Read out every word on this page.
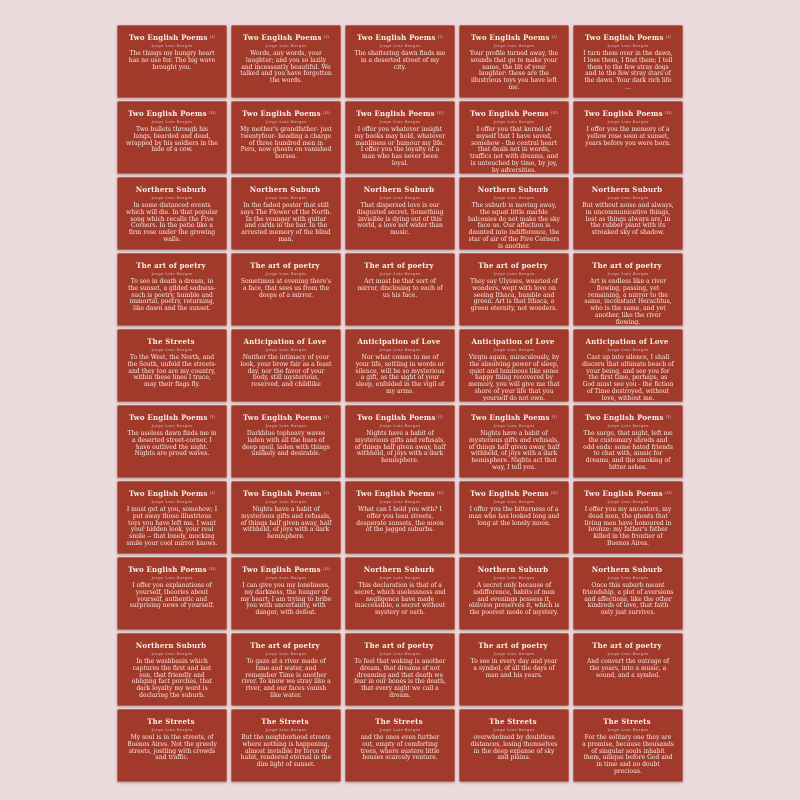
Two English Poems $^{(I)}$
Jorge Luis Borges
The things my hungry heart has no use for. The big wave brought you.
Two English Poems $^{(I)}$
Jorge Luis Borges
Words, any words, your laughter; and you so lazily and incessantly beautiful. We talked and you have forgotten the words.
Two English Poems $^{(I)}$
Jorge Luis Borges
The shattering dawn finds me in a deserted street of my city.
Two English Poems $^{(I)}$
Jorge Luis Borges
Your profile turned away, the sounds that go to make your name, the lilt of your laughter: these are the illustrious toys you have left me.
Two English Poems $^{(I)}$
Jorge Luis Borges
I turn them over in the dawn, I lose them, I find them; I tell them to the few stray dogs and to the few stray stars of the dawn. Your dark rich life ...
Two English Poems $^{(II)}$
Jorge Luis Borges
Two bullets through his lungs, bearded and dead, wrapped by his soldiers in the hide of a cow.
Two English Poems $^{(II)}$
Jorge Luis Borges
My mother's grandfather- just twentyfour- heading a charge of three hundred men in Peru, now ghosts on vanished horses.
Two English Poems $^{(II)}$
Jorge Luis Borges
I offer you whatever insight my books may hold, whatever manliness or humour my life. I offer you the loyalty of a man who has never been loyal.
Two English Poems $^{(II)}$
Jorge Luis Borges
I offer you that kernel of myself that I have saved, somehow - the central heart that deals not in words, traffics not with dreams, and is untouched by time, by joy, by adversities.
Two English Poems $^{(II)}$
Jorge Luis Borges
I offer you the memory of a yellow rose seen at sunset, years before you were born.
Northern Suburb
Jorge Luis Borges
In some distanced events which will die. In that popular song which recalls the Five Corners. In the patio like a firm rose under the growing walls.
Northern Suburb
Jorge Luis Borges
In the faded poster that still says The Flower of the North. In the younger with guitar and cards in the bar. In the arrested memory of the blind man.
Northern Suburb
Jorge Luis Borges
That dispersed love is our disgusted secret. Something invisible is dying out of this world, a love not wider than music.
Northern Suburb
Jorge Luis Borges
The suburb is moving away, the squat little marble balconies do not make the sky face us. Our affection is daunted into indifference, the star of air of the Five Corners is another.
Northern Suburb
Jorge Luis Borges
But without noise and always, in uncommunicative things, lost as things always are, in the rubber plant with its streaked sky of shadow.
The art of poetry
Jorge Luis Borges
To see in death a dream, in the sunset, a gilded sadness-such is poetry, humble and immortal, poetry, returning, like dawn and the sunset.
The art of poetry
Jorge Luis Borges
Sometimes at evening there's a face, that sees us from the deeps of a mirror.
The art of poetry
Jorge Luis Borges
Art must be that sort of mirror, disclosing to each of us his face.
The art of poetry
Jorge Luis Borges
They say Ulysses, wearied of wonders, wept with love on seeing Ithaca, humble and green. Art is that Ithaca, a green eternity, not wonders.
The art of poetry
Jorge Luis Borges
Art is endless like a river flowing, passing, yet remaining, a mirror to the same, inconstant Heraclitus, who is the same, and yet another, like the river flowing.
The Streets
Jorge Luis Borges
To the West, the North, and the South, unfold the streets- and they too are my country, within these lines I trace, may their flags fly.
Anticipation of Love
Jorge Luis Borges
Neither the intimacy of your look, your brow fair as a feast day, nor the favor of your body, still mysterious, reserved, and childlike
Anticipation of Love
Jorge Luis Borges
Nor what comes to me of your life, settling in words or silence, will be so mysterious a gift, as the sight of your sleep, enfolded in the vigil of my arms.
Anticipation of Love
Jorge Luis Borges
Virgin again, miraculously, by the absolving power of sleep, quiet and luminous like some happy thing recovered by memory, you will give me that shore of your life that you yourself do not own.
Anticipation of Love
Jorge Luis Borges
Cast up into silence, I shall discern that ultimate beach of your being, and see you for the first time, perhaps, as God must see you - the fiction of Time destroyed, without love, without me.
Two English Poems $^{(I)}$
Jorge Luis Borges
The useless dawn finds me in a deserted street-corner, I have outlived the night. Nights are proud waves.
Two English Poems $^{(I)}$
Jorge Luis Borges
Darkblue topheavy waves laden with all the hues of deep spoil, laden with things unlikely and desirable.
Two English Poems $^{(I)}$
Jorge Luis Borges
Nights have a habit of mysterious gifts and refusals, of things half given away, half withheld, of joys with a dark hemisphere.
Two English Poems $^{(I)}$
Jorge Luis Borges
Nights have a habit of mysterious gifts and refusals, of things half given away, half withheld, of joys with a dark hemisphere. Nights act that way, I tell you.
Two English Poems $^{(I)}$
Jorge Luis Borges
The surge, that night, left me the customary shreds and odd ends: some hated friends to chat with, music for dreams, and the smoking of bitter ashes.
Two English Poems $^{(I)}$
Jorge Luis Borges
I must get at you, somehow; I put away those illustrious toys you have left me, I want your hidden look, your real smile -- that lonely, mocking smile your cool mirror knows.
Two English Poems $^{(I)}$
Jorge Luis Borges
Nights have a habit of mysterious gifts and refusals, of things half given away, half withheld, of joys with a dark hemisphere.
Two English Poems $^{(II)}$
Jorge Luis Borges
What can I hold you with? I offer you lean streets, desperate sunsets, the moon of the jagged suburbs.
Two English Poems $^{(II)}$
Jorge Luis Borges
I offer you the bitterness of a man who has looked long and long at the lonely moon.
Two English Poems $^{(II)}$
Jorge Luis Borges
I offer you my ancestors, my dead men, the ghosts that living men have honoured in bronze: my father's father killed in the frontier of Buenos Aires.
Two English Poems $^{(II)}$
Jorge Luis Borges
I offer you explanations of yourself, theories about yourself, authentic and surprising news of yourself.
Two English Poems $^{(II)}$
Jorge Luis Borges
I can give you my loneliness, my darkness, the hunger of my heart; I am trying to bribe you with uncertainty, with danger, with defeat.
Northern Suburb
Jorge Luis Borges
This declaration is that of a secret, which uselessness and negligence have made inaccessible, a secret without mystery or oath.
Northern Suburb
Jorge Luis Borges
A secret only because of indifference, habits of men and evenings possess it, oblivion preserves it, which is the poorest mode of mystery.
Northern Suburb
Jorge Luis Borges
Once this suburb meant friendship, a plot of aversions and affections, like the other kindreds of love, that faith only just survives.
Northern Suburb
Jorge Luis Borges
In the washbasin which captures the first and last sun, that friendly and obliging fact porches, that dark loyalty my word is declaring the suburb.
The art of poetry
Jorge Luis Borges
To gaze at a river made of time and water, and remember Time is another river. To know we stray like a river, and our faces vanish like water.
The art of poetry
Jorge Luis Borges
To feel that waking is another dream, that dreams of not dreaming and that death we fear in our bones is the death, that every night we call a dream.
The art of poetry
Jorge Luis Borges
To see in every day and year a symbol, of all the days of man and his years.
The art of poetry
Jorge Luis Borges
And convert the outrage of the years, into a music, a sound, and a symbol.
The Streets
Jorge Luis Borges
My soul is in the streets, of Buenos Aires. Not the greedy streets, jostling with crowds and traffic.
The Streets
Jorge Luis Borges
But the neighborhood streets where nothing is happening, almost invisible by force of habit, rendered eternal in the dim light of sunset.
The Streets
Jorge Luis Borges
and the ones even further out, empty of comforting trees, where austere little houses scarcely venture.
The Streets
Jorge Luis Borges
overwhelmed by doubtless distances, losing themselves in the deep expanse of sky and plains.
The Streets
Jorge Luis Borges
For the solitary one they are a promise, because thousands of singular souls inhabit them, unique before God and in time and no doubt precious.
